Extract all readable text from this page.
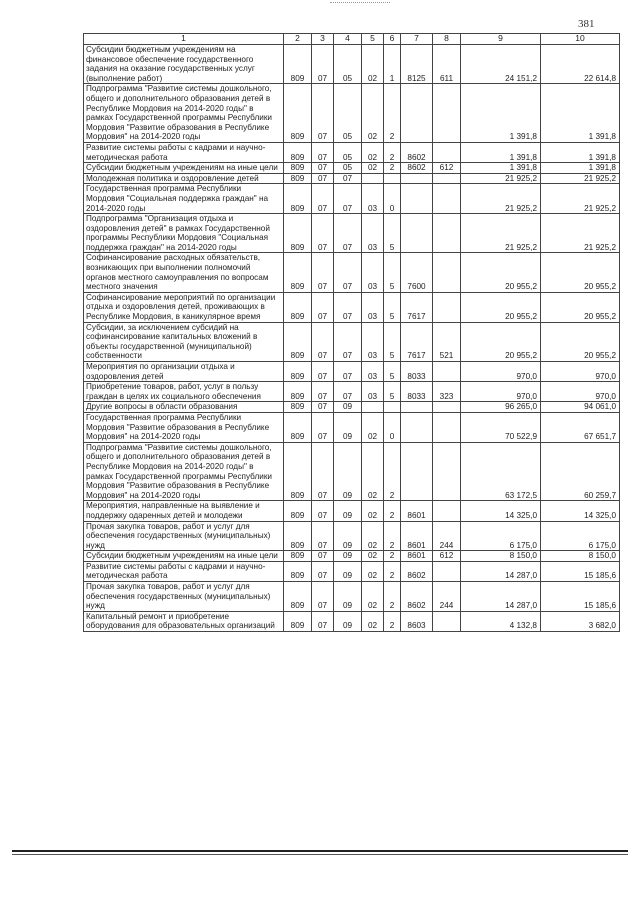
381
1	2	3	4	5	6	7	8	9	10
Субсидии бюджетным учреждениям на финансовое обеспечение государственного задания на оказание государственных услуг (выполнение работ)	809	07	05	02	1	8125	611	24 151,2	22 614,8
Подпрограмма "Развитие системы дошкольного, общего и дополнительного образования детей в Республике Мордовия на 2014-2020 годы" в рамках Государственной программы Республики Мордовия "Развитие образования в Республике Мордовия" на 2014-2020 годы	809	07	05	02	2			1 391,8	1 391,8
Развитие системы работы с кадрами и научно-методическая работа	809	07	05	02	2	8602		1 391,8	1 391,8
Субсидии бюджетным учреждениям на иные цели	809	07	05	02	2	8602	612	1 391,8	1 391,8
Молодежная политика и оздоровление детей	809	07	07					21 925,2	21 925,2
Государственная программа Республики Мордовия "Социальная поддержка граждан" на 2014-2020 годы	809	07	07	03	0			21 925,2	21 925,2
Подпрограмма "Организация отдыха и оздоровления детей" в рамках Государственной программы Республики Мордовия "Социальная поддержка граждан" на 2014-2020 годы	809	07	07	03	5			21 925,2	21 925,2
Софинансирование расходных обязательств, возникающих при выполнении полномочий органов местного самоуправления по вопросам местного значения	809	07	07	03	5	7600		20 955,2	20 955,2
Софинансирование мероприятий по организации отдыха и оздоровления детей, проживающих в Республике Мордовия, в каникулярное время	809	07	07	03	5	7617		20 955,2	20 955,2
Субсидии, за исключением субсидий на софинансирование капитальных вложений в объекты государственной (муниципальной) собственности	809	07	07	03	5	7617	521	20 955,2	20 955,2
Мероприятия по организации отдыха и оздоровления детей	809	07	07	03	5	8033		970,0	970,0
Приобретение товаров, работ, услуг в пользу граждан в целях их социального обеспечения	809	07	07	03	5	8033	323	970,0	970,0
Другие вопросы в области образования	809	07	09					96 265,0	94 061,0
Государственная программа Республики Мордовия "Развитие образования в Республике Мордовия" на 2014-2020 годы	809	07	09	02	0			70 522,9	67 651,7
Подпрограмма "Развитие системы дошкольного, общего и дополнительного образования детей в Республике Мордовия на 2014-2020 годы" в рамках Государственной программы Республики Мордовия "Развитие образования в Республике Мордовия" на 2014-2020 годы	809	07	09	02	2			63 172,5	60 259,7
Мероприятия, направленные на выявление и поддержку одаренных детей и молодежи	809	07	09	02	2	8601		14 325,0	14 325,0
Прочая закупка товаров, работ и услуг для обеспечения государственных (муниципальных) нужд	809	07	09	02	2	8601	244	6 175,0	6 175,0
Субсидии бюджетным учреждениям на иные цели	809	07	09	02	2	8601	612	8 150,0	8 150,0
Развитие системы работы с кадрами и научно-методическая работа	809	07	09	02	2	8602		14 287,0	15 185,6
Прочая закупка товаров, работ и услуг для обеспечения государственных (муниципальных) нужд	809	07	09	02	2	8602	244	14 287,0	15 185,6
Капитальный ремонт и приобретение оборудования для образовательных организаций	809	07	09	02	2	8603		4 132,8	3 682,0
